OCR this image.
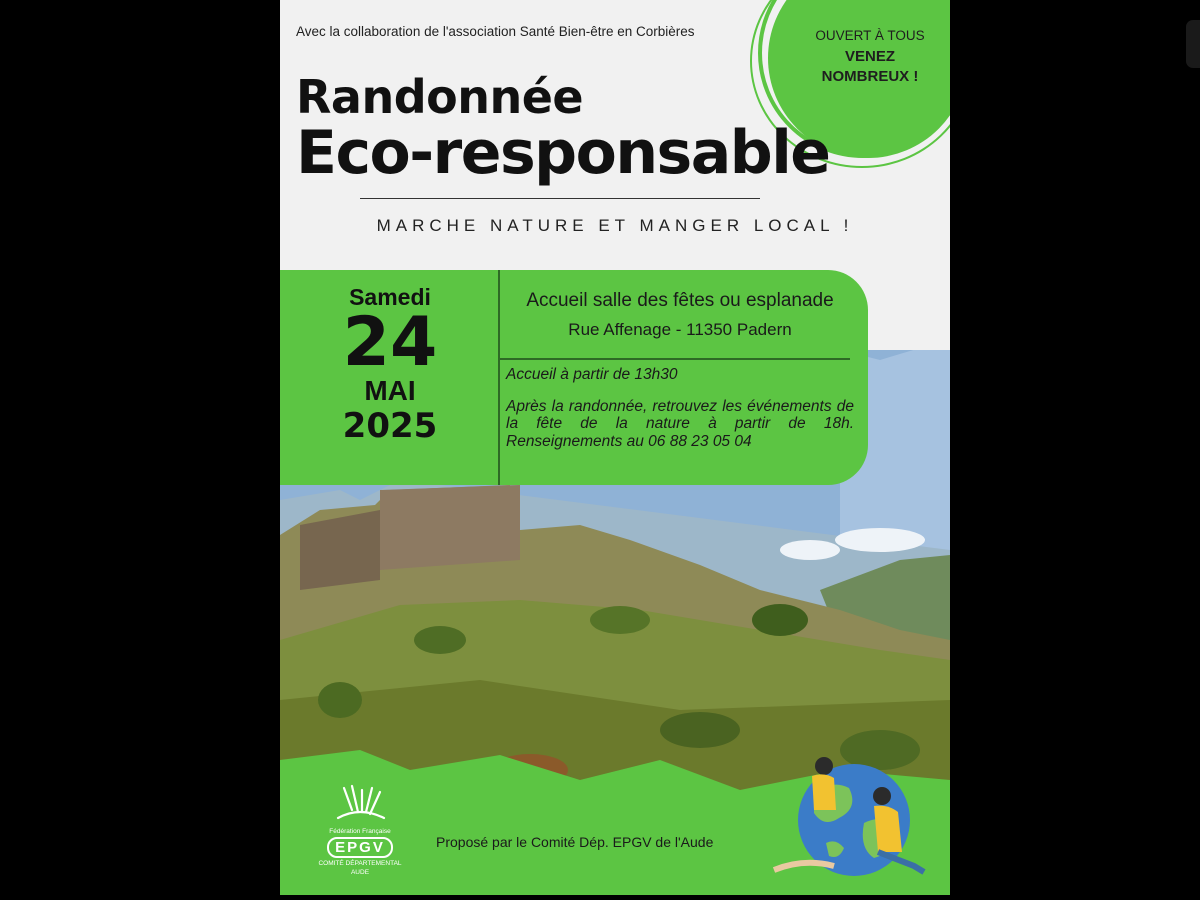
Avec la collaboration de l'association Santé Bien-être en Corbières	OUVERT À TOUS
VENEZ
NOMBREUX !
Randonnée
Eco-responsable
MARCHE NATURE ET MANGER LOCAL !
Samedi
24
MAI
2025
Accueil salle des fêtes ou esplanade
Rue Affenage - 11350 Padern
Accueil à partir de 13h30
Après la randonnée, retrouvez les événements de la fête de la nature à partir de 18h. Renseignements au 06 88 23 05 04
Fédération Française
EPGV
COMITÉ DÉPARTEMENTAL
AUDE
Proposé par le Comité Dép. EPGV de l'Aude
